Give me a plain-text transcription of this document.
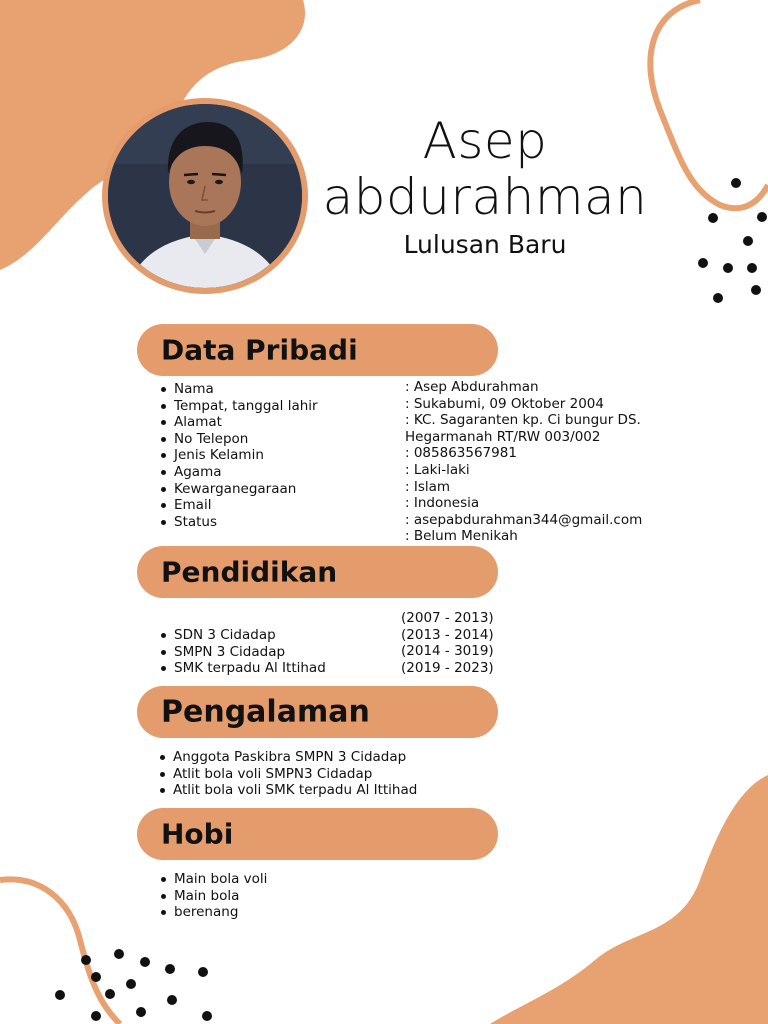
Asep
abdurahman
Lulusan Baru
Data Pribadi
Nama
Tempat, tanggal lahir
Alamat
No Telepon
Jenis Kelamin
Agama
Kewarganegaraan
Email
Status
: Asep Abdurahman
: Sukabumi, 09 Oktober 2004
: KC. Sagaranten kp. Ci bungur DS.
Hegarmanah RT/RW 003/002
: 085863567981
: Laki-laki
: Islam
: Indonesia
: asepabdurahman344@gmail.com
: Belum Menikah
Pendidikan
SDN 3 Cidadap
SMPN 3 Cidadap
SMK terpadu Al Ittihad
(2007 - 2013)
(2013 - 2014)
(2014 - 3019)
(2019 - 2023)
Pengalaman
Anggota Paskibra SMPN 3 Cidadap
Atlit bola voli SMPN3 Cidadap
Atlit bola voli SMK terpadu Al Ittihad
Hobi
Main bola voli
Main bola
berenang
